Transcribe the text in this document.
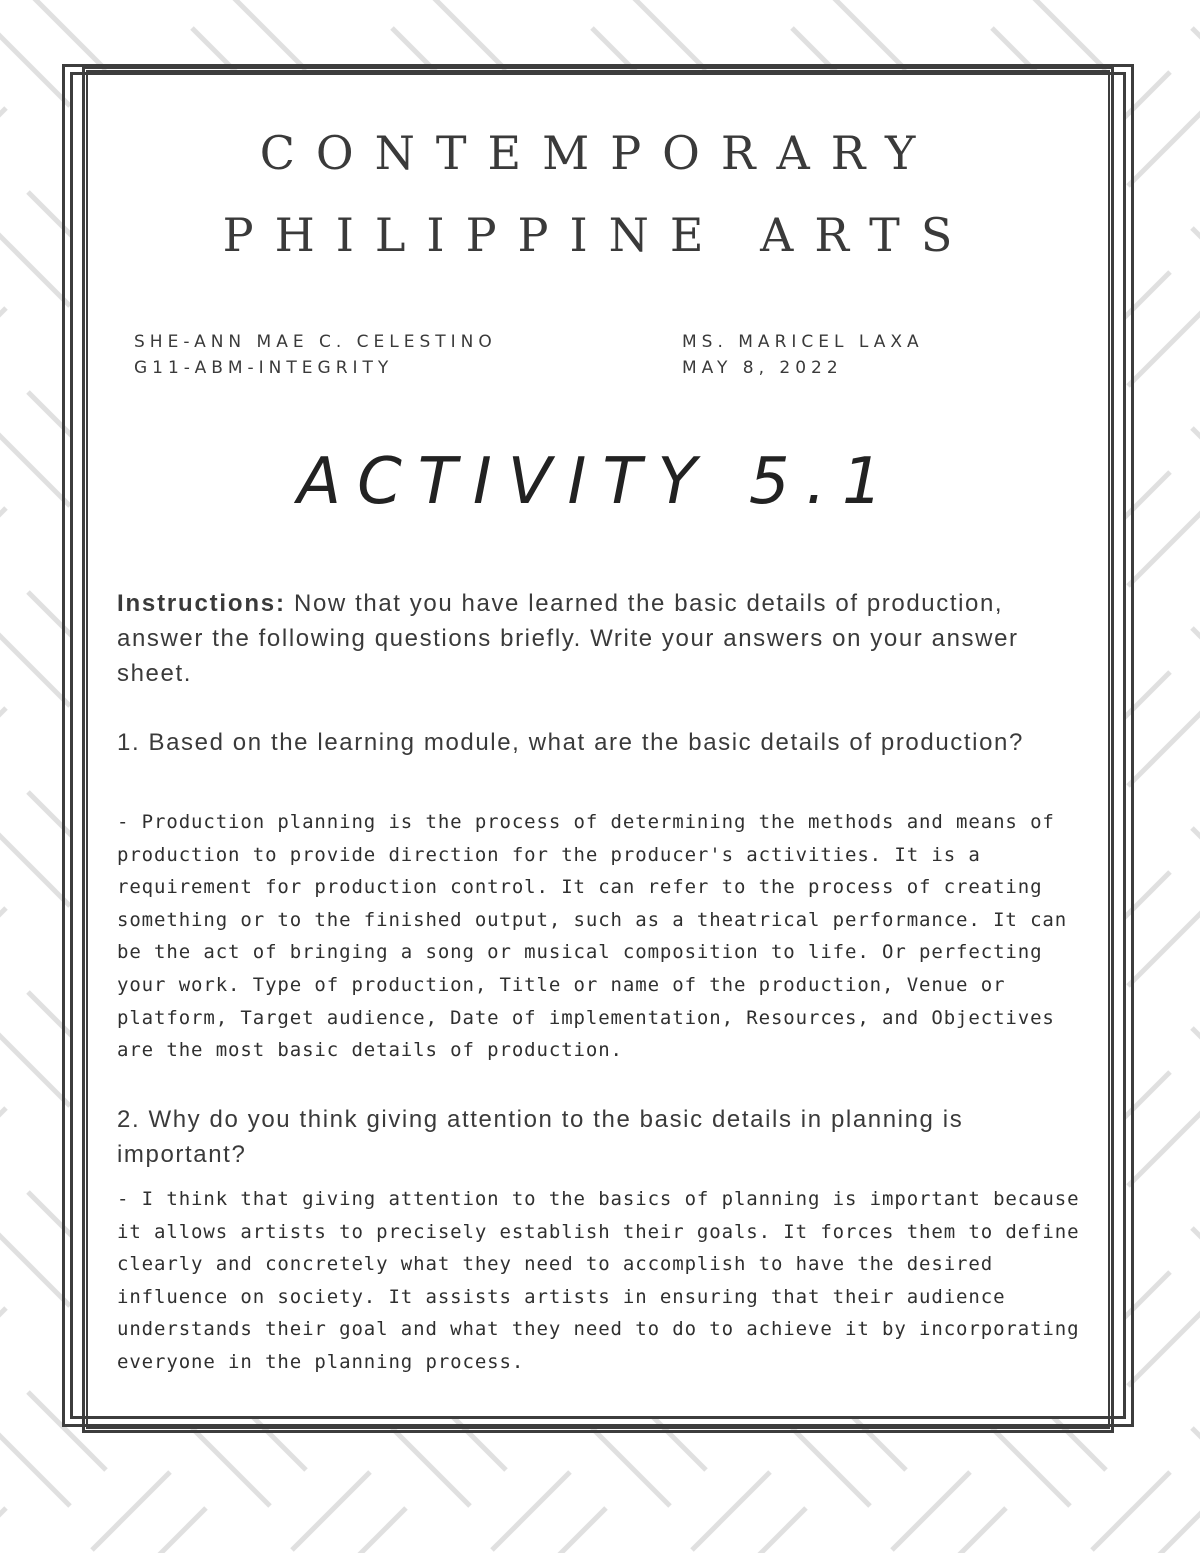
CONTEMPORARY
PHILIPPINE ARTS
SHE-ANN MAE C. CELESTINO
G11-ABM-INTEGRITY
MS. MARICEL LAXA
MAY 8, 2022
ACTIVITY 5.1

Instructions: Now that you have learned the basic details of production, answer the following questions briefly. Write your answers on your answer sheet.

1. Based on the learning module, what are the basic details of production?

- Production planning is the process of determining the methods and means of production to provide direction for the producer's activities. It is a requirement for production control. It can refer to the process of creating something or to the finished output, such as a theatrical performance. It can be the act of bringing a song or musical composition to life. Or perfecting your work. Type of production, Title or name of the production, Venue or platform, Target audience, Date of implementation, Resources, and Objectives are the most basic details of production.

2. Why do you think giving attention to the basic details in planning is important?

- I think that giving attention to the basics of planning is important because it allows artists to precisely establish their goals. It forces them to define clearly and concretely what they need to accomplish to have the desired influence on society. It assists artists in ensuring that their audience understands their goal and what they need to do to achieve it by incorporating everyone in the planning process.
